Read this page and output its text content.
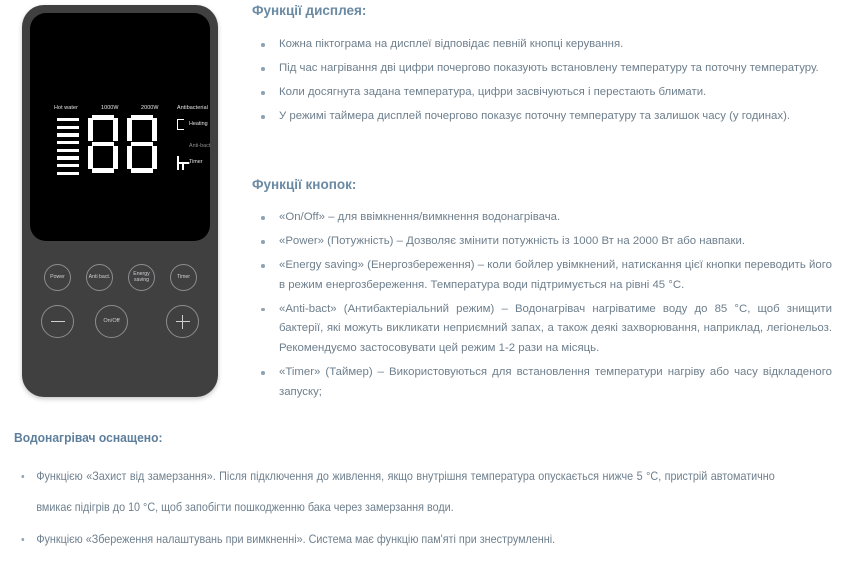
Hot water	1000W	2000W	Antibacterial
Heating
Anti-bact
Timer
Power	Anti bact.	Energy saving	Timer
On/Off
Функції дисплея:
Кожна піктограма на дисплеї відповідає певній кнопці керування.
Під час нагрівання дві цифри почергово показують встановлену температуру та поточну температуру.
Коли досягнута задана температура, цифри засвічуються і перестають блимати.
У режимі таймера дисплей почергово показує поточну температуру та залишок часу (у годинах).
Функції кнопок:
«On/Off» – для ввімкнення/вимкнення водонагрівача.
«Power» (Потужність) – Дозволяє змінити потужність із 1000 Вт на 2000 Вт або навпаки.
«Energy saving» (Енергозбереження) – коли бойлер увімкнений, натискання цієї кнопки переводить його в режим енергозбереження. Температура води підтримується на рівні 45 °C.
«Anti-bact» (Антибактеріальний режим) – Водонагрівач нагріватиме воду до 85 °C, щоб знищити бактерії, які можуть викликати неприємний запах, а також деякі захворювання, наприклад, легіонельоз. Рекомендуємо застосовувати цей режим 1-2 рази на місяць.
«Timer» (Таймер) – Використовуються для встановлення температури нагріву або часу відкладеного запуску;
Водонагрівач оснащено:
Функцією «Захист від замерзання». Після підключення до живлення, якщо внутрішня температура опускається нижче 5 °C, пристрій автоматично вмикає підігрів до 10 °C, щоб запобігти пошкодженню бака через замерзання води.
Функцією «Збереження налаштувань при вимкненні». Система має функцію пам'яті при знеструмленні.
